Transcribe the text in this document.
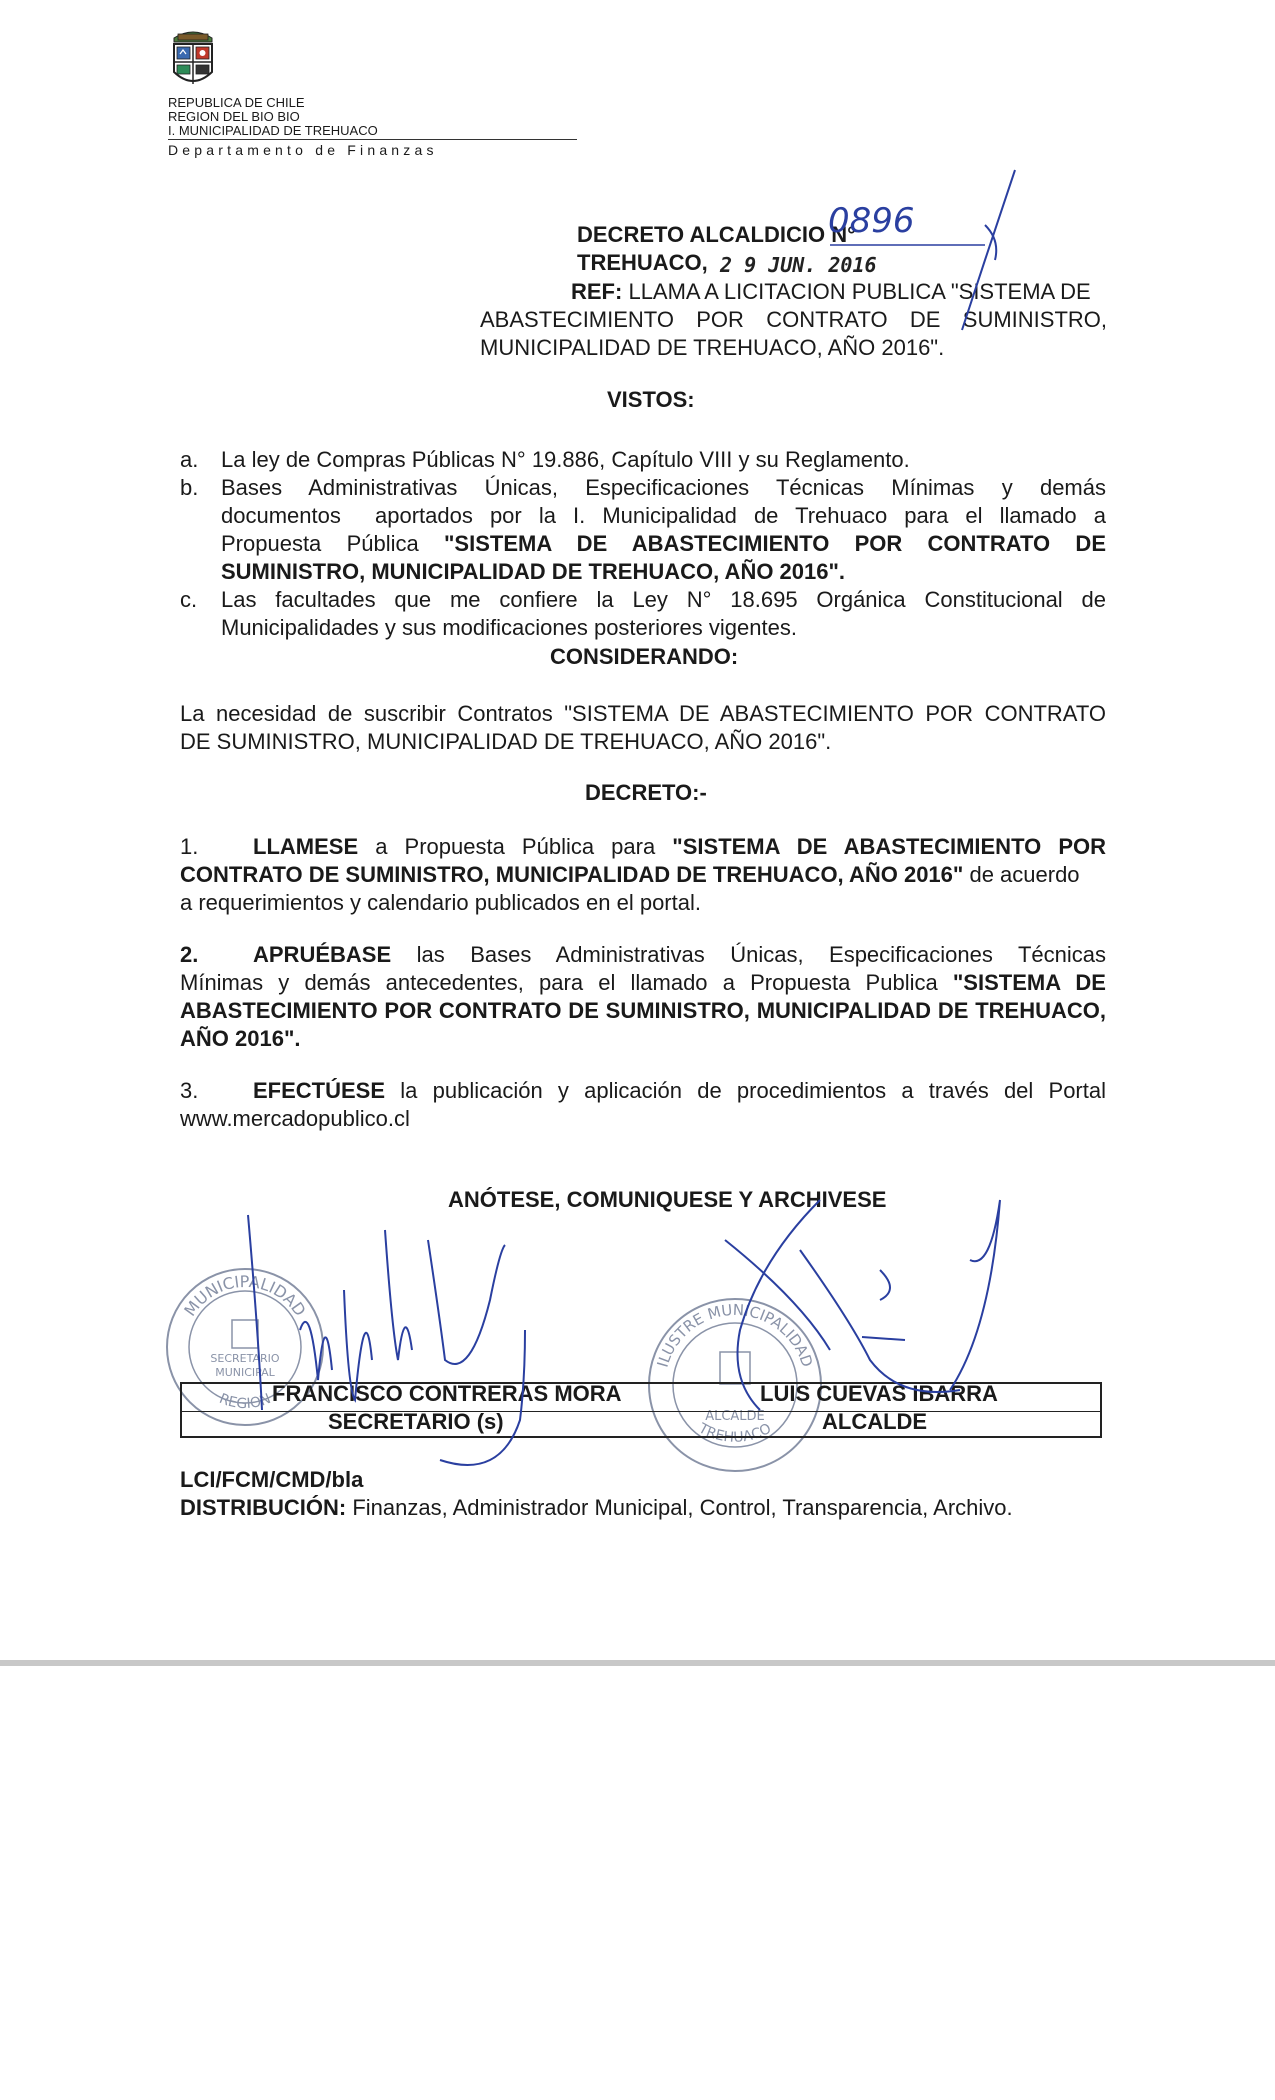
REPUBLICA DE CHILE
REGION DEL BIO BIO
I. MUNICIPALIDAD DE TREHUACO
Departamento de Finanzas
DECRETO ALCALDICIO N°
0896
TREHUACO, 2 9 JUN. 2016
REF: LLAMA A LICITACION PUBLICA "SISTEMA DE
ABASTECIMIENTO POR CONTRATO DE SUMINISTRO,
MUNICIPALIDAD DE TREHUACO, AÑO 2016".
VISTOS:
a. La ley de Compras Públicas N° 19.886, Capítulo VIII y su Reglamento.
b. Bases Administrativas Únicas, Especificaciones Técnicas Mínimas y demás
documentos  aportados por la I. Municipalidad de Trehuaco para el llamado a
Propuesta Pública "SISTEMA DE ABASTECIMIENTO POR CONTRATO DE
SUMINISTRO, MUNICIPALIDAD DE TREHUACO, AÑO 2016".
c. Las facultades que me confiere la Ley N° 18.695 Orgánica Constitucional de
Municipalidades y sus modificaciones posteriores vigentes.
CONSIDERANDO:
La necesidad de suscribir Contratos "SISTEMA DE ABASTECIMIENTO POR CONTRATO
DE SUMINISTRO, MUNICIPALIDAD DE TREHUACO, AÑO 2016".
DECRETO:-
1. LLAMESE a Propuesta Pública para "SISTEMA DE ABASTECIMIENTO POR
CONTRATO DE SUMINISTRO, MUNICIPALIDAD DE TREHUACO, AÑO 2016" de acuerdo
a requerimientos y calendario publicados en el portal.
2. APRUÉBASE las Bases Administrativas Únicas, Especificaciones Técnicas
Mínimas y demás antecedentes, para el llamado a Propuesta Publica "SISTEMA DE
ABASTECIMIENTO POR CONTRATO DE SUMINISTRO, MUNICIPALIDAD DE TREHUACO,
AÑO 2016".
3. EFECTÚESE la publicación y aplicación de procedimientos a través del Portal
www.mercadopublico.cl
ANÓTESE, COMUNIQUESE Y ARCHIVESE
MUNICIPALIDAD
SECRETARIO
MUNICIPAL
REGION
ILUSTRE MUNICIPALIDAD
ALCALDE
TREHUACO
FRANCISCO CONTRERAS MORA
SECRETARIO (s)
LUIS CUEVAS IBARRA
ALCALDE
LCI/FCM/CMD/bla
DISTRIBUCIÓN: Finanzas, Administrador Municipal, Control, Transparencia, Archivo.
